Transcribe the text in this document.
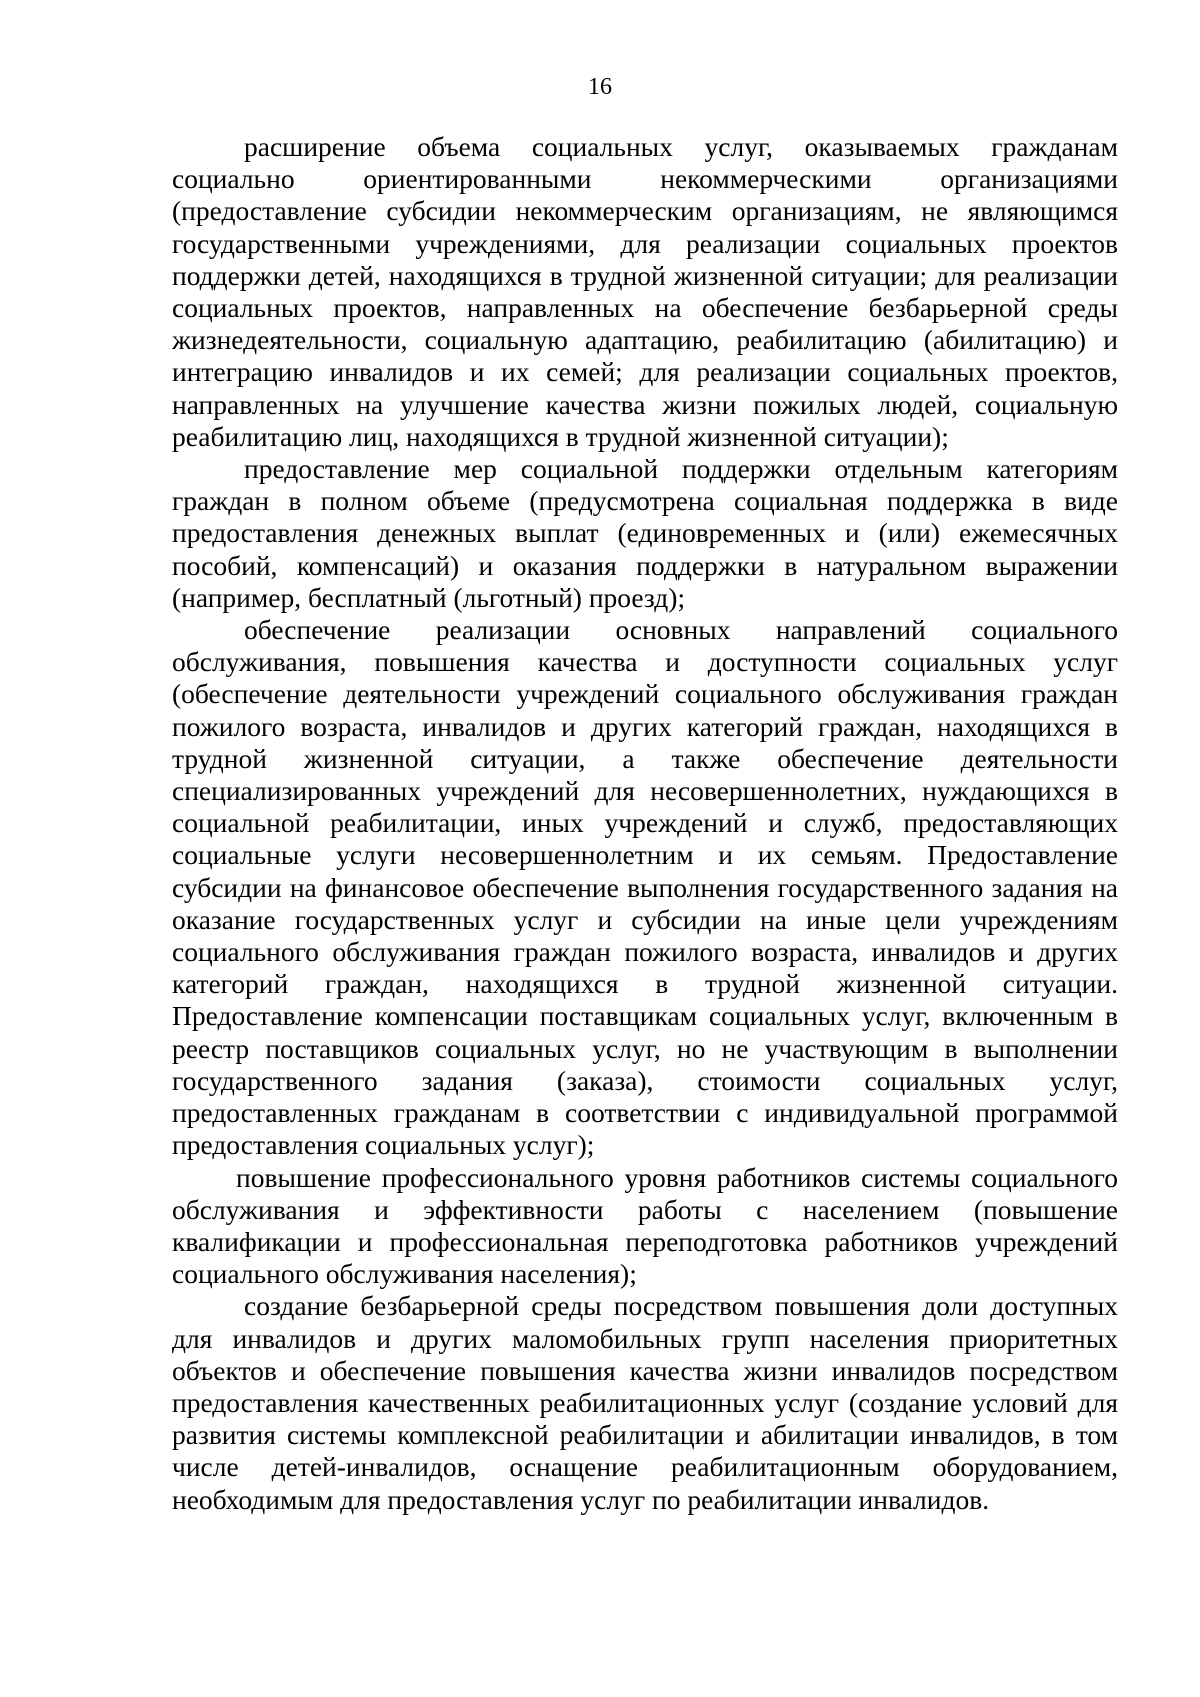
16

расширение объема социальных услуг, оказываемых гражданам социально ориентированными некоммерческими организациями (предоставление субсидии некоммерческим организациям, не являющимся государственными учреждениями, для реализации социальных проектов поддержки детей, находящихся в трудной жизненной ситуации; для реализации социальных проектов, направленных на обеспечение безбарьерной среды жизнедеятельности, социальную адаптацию, реабилитацию (абилитацию) и интеграцию инвалидов и их семей; для реализации социальных проектов, направленных на улучшение качества жизни пожилых людей, социальную реабилитацию лиц, находящихся в трудной жизненной ситуации);

предоставление мер социальной поддержки отдельным категориям граждан в полном объеме (предусмотрена социальная поддержка в виде предоставления денежных выплат (единовременных и (или) ежемесячных пособий, компенсаций) и оказания поддержки в натуральном выражении (например, бесплатный (льготный) проезд);

обеспечение реализации основных направлений социального обслуживания, повышения качества и доступности социальных услуг (обеспечение деятельности учреждений социального обслуживания граждан пожилого возраста, инвалидов и других категорий граждан, находящихся в трудной жизненной ситуации, а также обеспечение деятельности специализированных учреждений для несовершеннолетних, нуждающихся в социальной реабилитации, иных учреждений и служб, предоставляющих социальные услуги несовершеннолетним и их семьям. Предоставление субсидии на финансовое обеспечение выполнения государственного задания на оказание государственных услуг и субсидии на иные цели учреждениям социального обслуживания граждан пожилого возраста, инвалидов и других категорий граждан, находящихся в трудной жизненной ситуации. Предоставление компенсации поставщикам социальных услуг, включенным в реестр поставщиков социальных услуг, но не участвующим в выполнении государственного задания (заказа), стоимости социальных услуг, предоставленных гражданам в соответствии с индивидуальной программой предоставления социальных услуг);

повышение профессионального уровня работников системы социального обслуживания и эффективности работы с населением (повышение квалификации и профессиональная переподготовка работников учреждений социального обслуживания населения);

создание безбарьерной среды посредством повышения доли доступных для инвалидов и других маломобильных групп населения приоритетных объектов и обеспечение повышения качества жизни инвалидов посредством предоставления качественных реабилитационных услуг (создание условий для развития системы комплексной реабилитации и абилитации инвалидов, в том числе детей-инвалидов, оснащение реабилитационным оборудованием, необходимым для предоставления услуг по реабилитации инвалидов.
